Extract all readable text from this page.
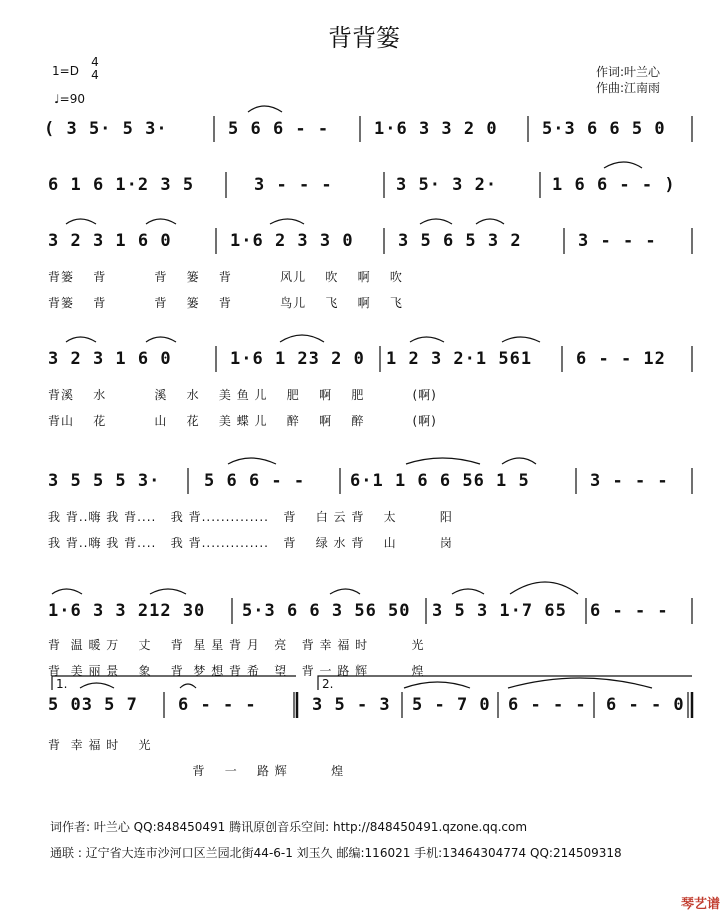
背背篓
1=D
4
4
♩=90
作词:叶兰心
作曲:江南雨
( 3 5· 5 3·	5 6 6 - -	1·6 3 3 2 0	5·3 6 6 5 0
6 1 6 1·2 3 5	3 - - -	3 5· 3 2·	1 6 6 - - )
3 2 3 1 6 0	1·6 2 3 3 0	3 5 6 5 3 2	3 - - -
背篓    背          背    篓    背          风儿    吹    啊    吹
背篓    背          背    篓    背          鸟儿    飞    啊    飞
3 2 3 1 6 0	1·6 1 23 2 0 1 2 3 2·1 561	6 - - 12
背溪    水          溪    水    美 鱼 儿    肥    啊    肥          (啊)
背山    花          山    花    美 蝶 儿    醉    啊    醉          (啊)
3 5 5 5 3·	5 6 6 - -	6·1 1 6 6 56 1 5	3 - - -
我 背..嗨 我 背....   我 背..............   背    白 云 背    太         阳
我 背..嗨 我 背....   我 背..............   背    绿 水 背    山         岗
1·6 3 3 212 30 5·3 6 6 3 56 50 3 5 3 1·7 65 6 - - -
背  温 暖 万    丈    背  星 星 背 月   亮   背 幸 福 时         光
背  美 丽 景    象    背  梦 想 背 希   望   背 一 路 辉         煌
5 03 5 7 6 - - -	3 5 - 3 5 - 7 0 6 - - - 6 - - 0
1.	2.
背  幸 福 时    光
背    一    路 辉         煌
词作者: 叶兰心 QQ:848450491 腾讯原创音乐空间: http://848450491.qzone.qq.com
通联 : 辽宁省大连市沙河口区兰园北街44-6-1 刘玉久 邮编:116021 手机:13464304774 QQ:214509318
琴艺谱
